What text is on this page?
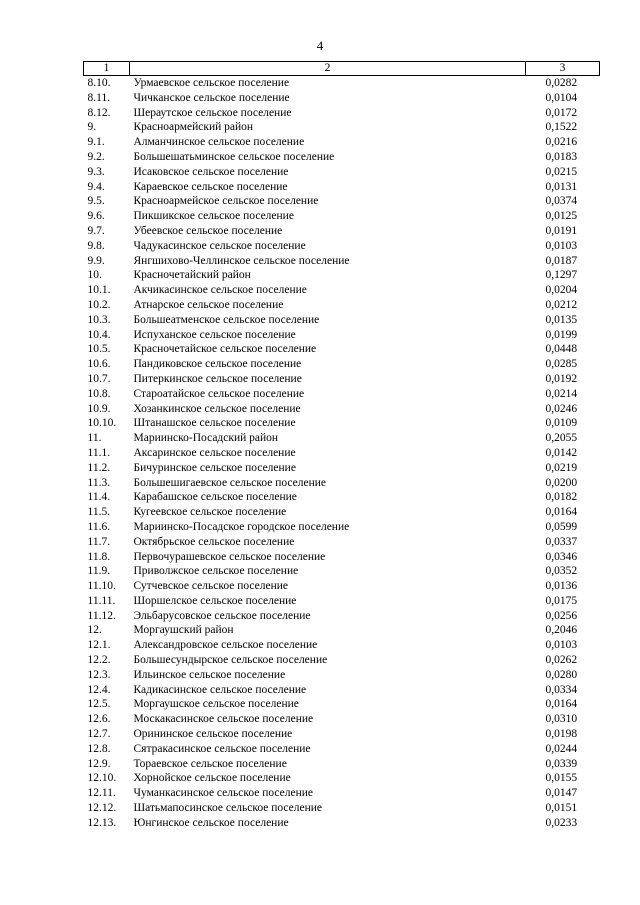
4
1	2	3
8.10.	Урмаевское сельское поселение	0,0282
8.11.	Чичканское сельское поселение	0,0104
8.12.	Шераутское сельское поселение	0,0172
9.	Красноармейский район	0,1522
9.1.	Алманчинское сельское поселение	0,0216
9.2.	Большешатьминское сельское поселение	0,0183
9.3.	Исаковское сельское поселение	0,0215
9.4.	Караевское сельское поселение	0,0131
9.5.	Красноармейское сельское поселение	0,0374
9.6.	Пикшикское сельское поселение	0,0125
9.7.	Убеевское сельское поселение	0,0191
9.8.	Чадукасинское сельское поселение	0,0103
9.9.	Янгшихово-Челлинское сельское поселение	0,0187
10.	Красночетайский район	0,1297
10.1.	Акчикасинское сельское поселение	0,0204
10.2.	Атнарское сельское поселение	0,0212
10.3.	Большеатменское сельское поселение	0,0135
10.4.	Испуханское сельское поселение	0,0199
10.5.	Красночетайское сельское поселение	0,0448
10.6.	Пандиковское сельское поселение	0,0285
10.7.	Питеркинское сельское поселение	0,0192
10.8.	Староатайское сельское поселение	0,0214
10.9.	Хозанкинское сельское поселение	0,0246
10.10.	Штанашское сельское поселение	0,0109
11.	Мариинско-Посадский район	0,2055
11.1.	Аксаринское сельское поселение	0,0142
11.2.	Бичуринское сельское поселение	0,0219
11.3.	Большешигаевское сельское поселение	0,0200
11.4.	Карабашское сельское поселение	0,0182
11.5.	Кугеевское сельское поселение	0,0164
11.6.	Мариинско-Посадское городское поселение	0,0599
11.7.	Октябрьское сельское поселение	0,0337
11.8.	Первочурашевское сельское поселение	0,0346
11.9.	Приволжское сельское поселение	0,0352
11.10.	Сутчевское сельское поселение	0,0136
11.11.	Шоршелское сельское поселение	0,0175
11.12.	Эльбарусовское сельское поселение	0,0256
12.	Моргаушский район	0,2046
12.1.	Александровское сельское поселение	0,0103
12.2.	Большесундырское сельское поселение	0,0262
12.3.	Ильинское сельское поселение	0,0280
12.4.	Кадикасинское сельское поселение	0,0334
12.5.	Моргаушское сельское поселение	0,0164
12.6.	Москакасинское сельское поселение	0,0310
12.7.	Орининское сельское поселение	0,0198
12.8.	Сятракасинское сельское поселение	0,0244
12.9.	Тораевское сельское поселение	0,0339
12.10.	Хорнойское сельское поселение	0,0155
12.11.	Чуманкасинское сельское поселение	0,0147
12.12.	Шатьмапосинское сельское поселение	0,0151
12.13.	Юнгинское сельское поселение	0,0233
